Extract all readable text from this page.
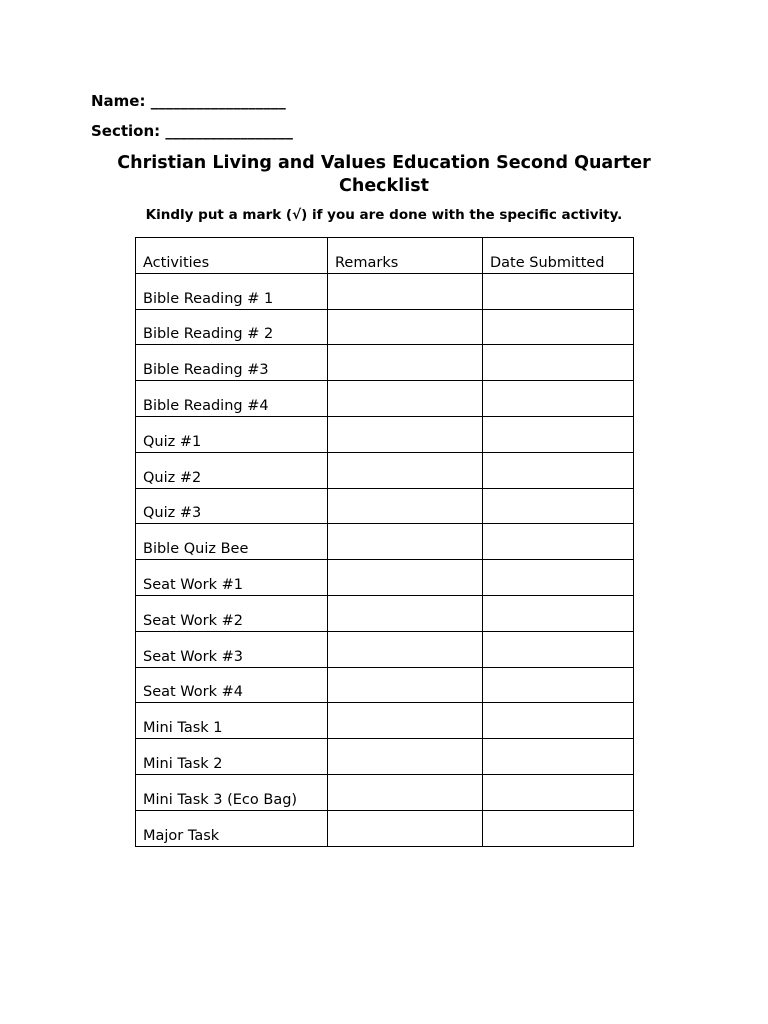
Name: __________________
Section: _________________
Christian Living and Values Education Second Quarter Checklist
Kindly put a mark (√) if you are done with the specific activity.
Activities	Remarks	Date Submitted
Bible Reading # 1		
Bible Reading # 2		
Bible Reading #3		
Bible Reading #4		
Quiz #1		
Quiz #2		
Quiz #3		
Bible Quiz Bee		
Seat Work #1		
Seat Work #2		
Seat Work #3		
Seat Work #4		
Mini Task 1		
Mini Task 2		
Mini Task 3 (Eco Bag)		
Major Task		
